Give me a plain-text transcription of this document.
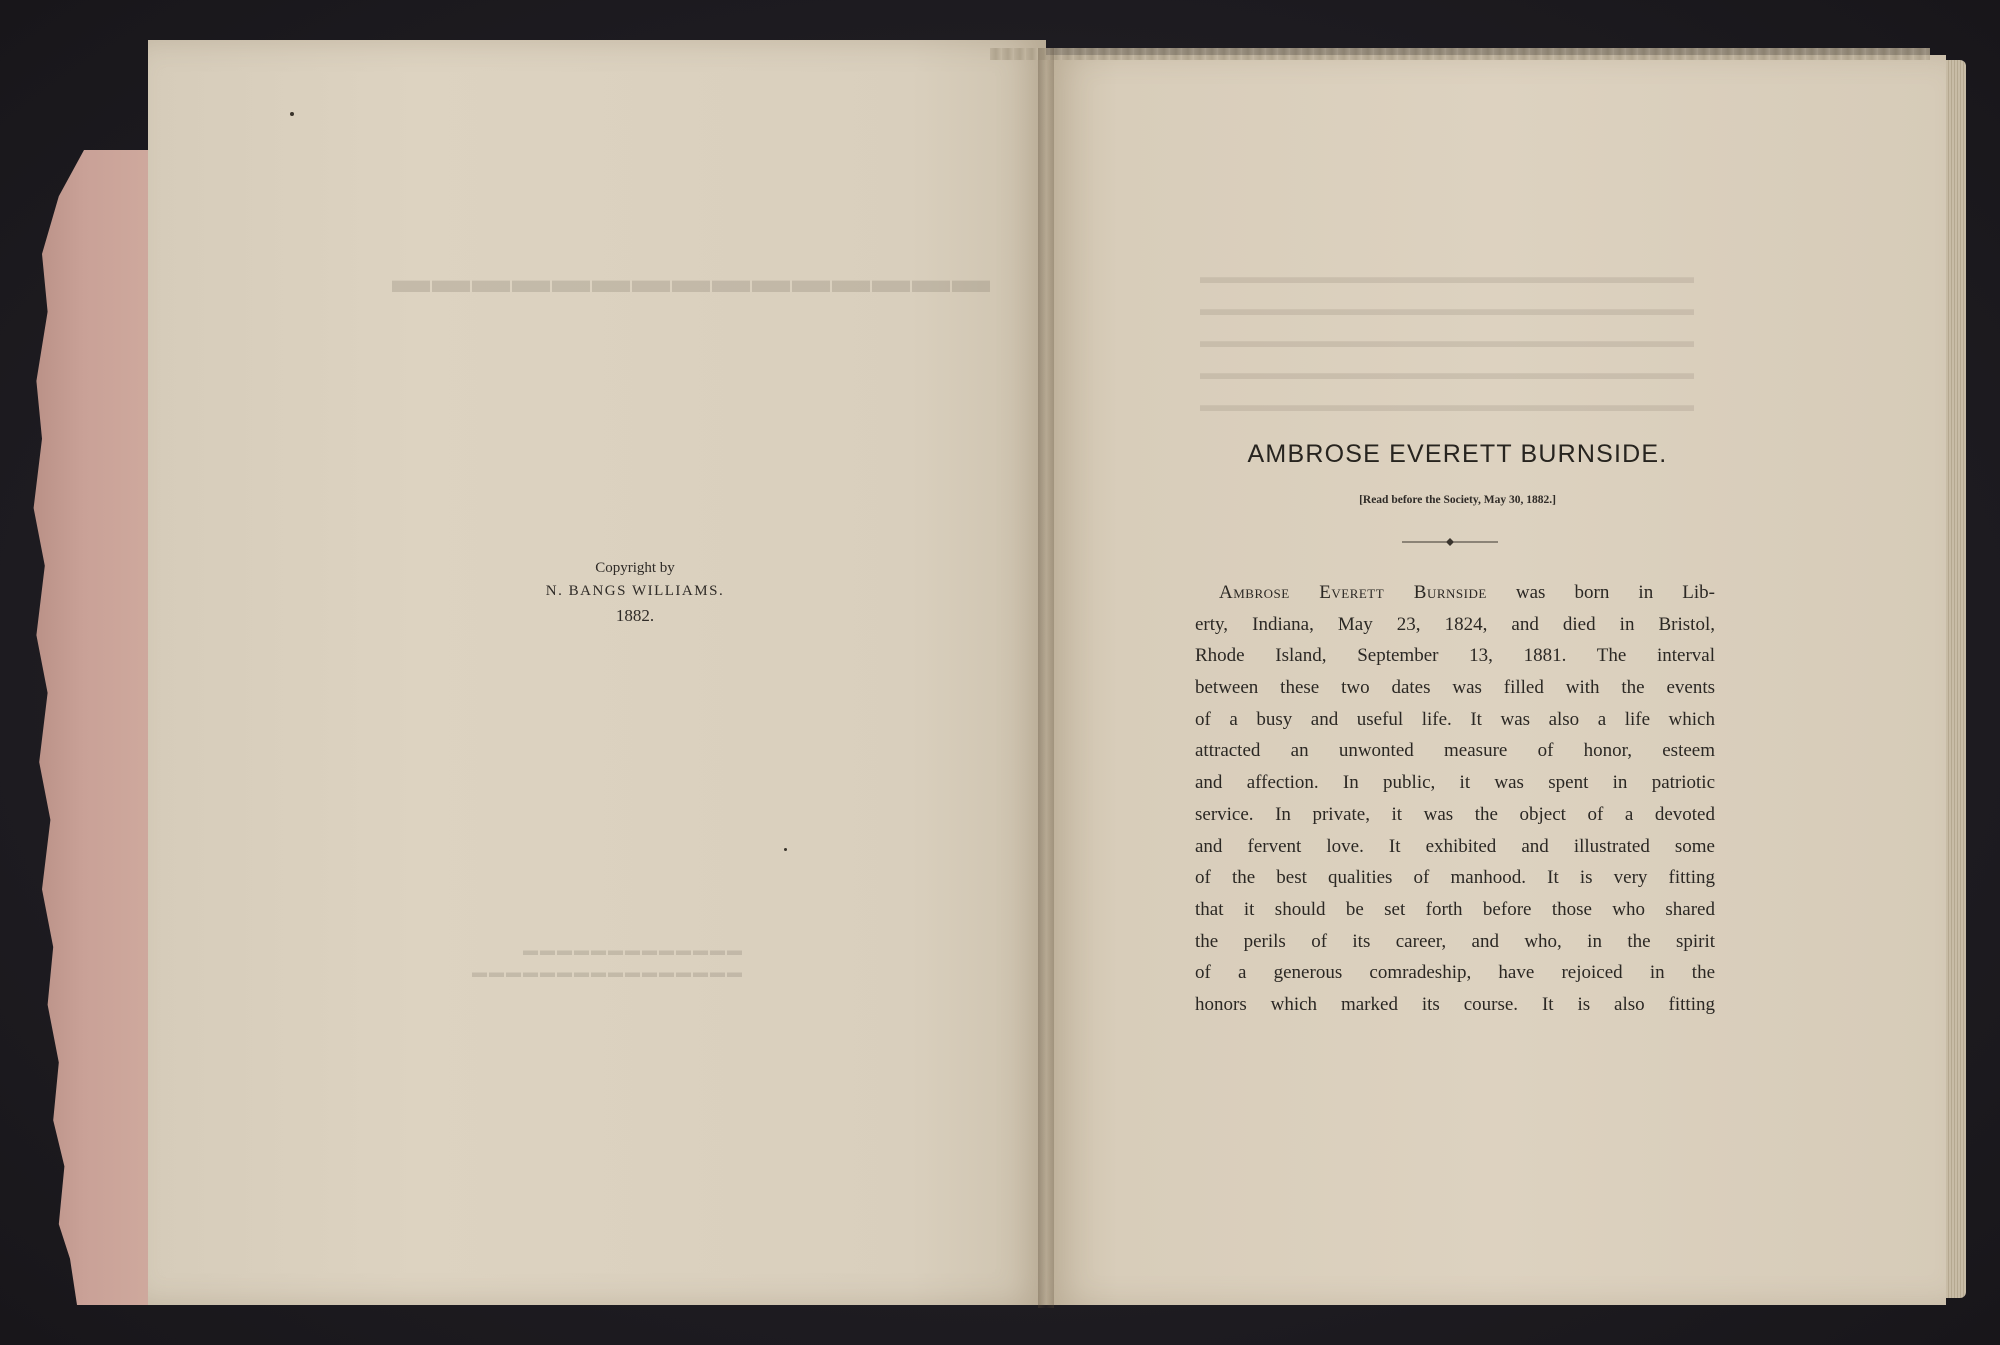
▬▬▬▬▬▬▬▬▬▬▬▬▬▬▬	▬▬▬▬▬▬▬▬▬▬▬▬▬▬▬▬▬▬▬▬▬▬▬▬▬▬
▬▬▬▬▬▬▬▬▬▬▬▬▬▬▬▬▬▬▬▬▬▬▬▬▬▬
▬▬▬▬▬▬▬▬▬▬▬▬▬▬▬▬▬▬▬▬▬▬▬▬▬▬
▬▬▬▬▬▬▬▬▬▬▬▬▬▬▬▬▬▬▬▬▬▬▬▬▬▬
▬▬▬▬▬▬▬▬▬▬▬▬▬▬▬▬▬▬▬▬▬▬▬▬▬▬
▬▬▬▬▬▬▬▬▬▬▬▬▬
▬▬▬▬▬▬▬▬▬▬▬▬▬▬▬▬
Copyright by
N. BANGS WILLIAMS.
1882.
AMBROSE EVERETT BURNSIDE.
[Read before the Society, May 30, 1882.]
Ambrose Everett Burnside was born in Lib-
erty, Indiana, May 23, 1824, and died in Bristol,
Rhode Island, September 13, 1881. The interval
between these two dates was filled with the events
of a busy and useful life. It was also a life which
attracted an unwonted measure of honor, esteem
and affection. In public, it was spent in patriotic
service. In private, it was the object of a devoted
and fervent love. It exhibited and illustrated some
of the best qualities of manhood. It is very fitting
that it should be set forth before those who shared
the perils of its career, and who, in the spirit
of a generous comradeship, have rejoiced in the
honors which marked its course. It is also fitting
